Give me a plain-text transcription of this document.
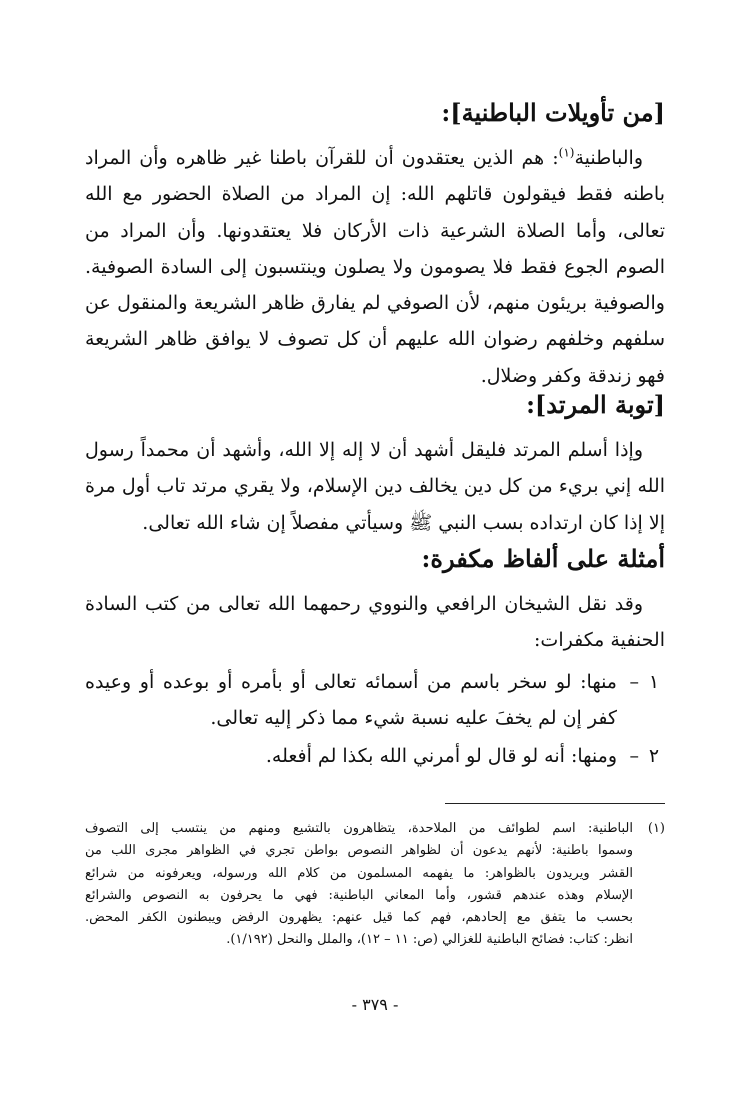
[من تأويلات الباطنية]:
والباطنية$^{(١)}$: هم الذين يعتقدون أن للقرآن باطنا غير ظاهره وأن المراد
باطنه فقط فيقولون قاتلهم الله: إن المراد من الصلاة الحضور مع الله
تعالى، وأما الصلاة الشرعية ذات الأركان فلا يعتقدونها. وأن المراد من
الصوم الجوع فقط فلا يصومون ولا يصلون وينتسبون إلى السادة الصوفية.
والصوفية بريئون منهم، لأن الصوفي لم يفارق ظاهر الشريعة والمنقول عن
سلفهم وخلفهم رضوان الله عليهم أن كل تصوف لا يوافق ظاهر الشريعة
فهو زندقة وكفر وضلال.
[توبة المرتد]:
وإذا أسلم المرتد فليقل أشهد أن لا إله إلا الله، وأشهد أن محمداً رسول
الله إني بريء من كل دين يخالف دين الإسلام، ولا يقري مرتد تاب أول مرة
إلا إذا كان ارتداده بسب النبي ﷺ وسيأتي مفصلاً إن شاء الله تعالى.
أمثلة على ألفاظ مكفرة:
وقد نقل الشيخان الرافعي والنووي رحمهما الله تعالى من كتب السادة
الحنفية مكفرات:
١
–
منها: لو سخر باسم من أسمائه تعالى أو بأمره أو بوعده أو وعيده
كفر إن لم يخفَ عليه نسبة شيء مما ذكر إليه تعالى.
٢
–
ومنها: أنه لو قال لو أمرني الله بكذا لم أفعله.
(١)
الباطنية: اسم لطوائف من الملاحدة، يتظاهرون بالتشيع ومنهم من ينتسب إلى التصوف
وسموا باطنية: لأنهم يدعون أن لظواهر النصوص بواطن تجري في الظواهر مجرى اللب من
القشر ويريدون بالظواهر: ما يفهمه المسلمون من كلام الله ورسوله، ويعرفونه من شرائع
الإسلام وهذه عندهم قشور، وأما المعاني الباطنية: فهي ما يحرفون به النصوص والشرائع
بحسب ما يتفق مع إلحادهم، فهم كما قيل عنهم: يظهرون الرفض ويبطنون الكفر المحض.
انظر: كتاب: فضائح الباطنية للغزالي (ص: ١١ – ١٢)، والملل والنحل (١/١٩٢).
- ٣٧٩ -
